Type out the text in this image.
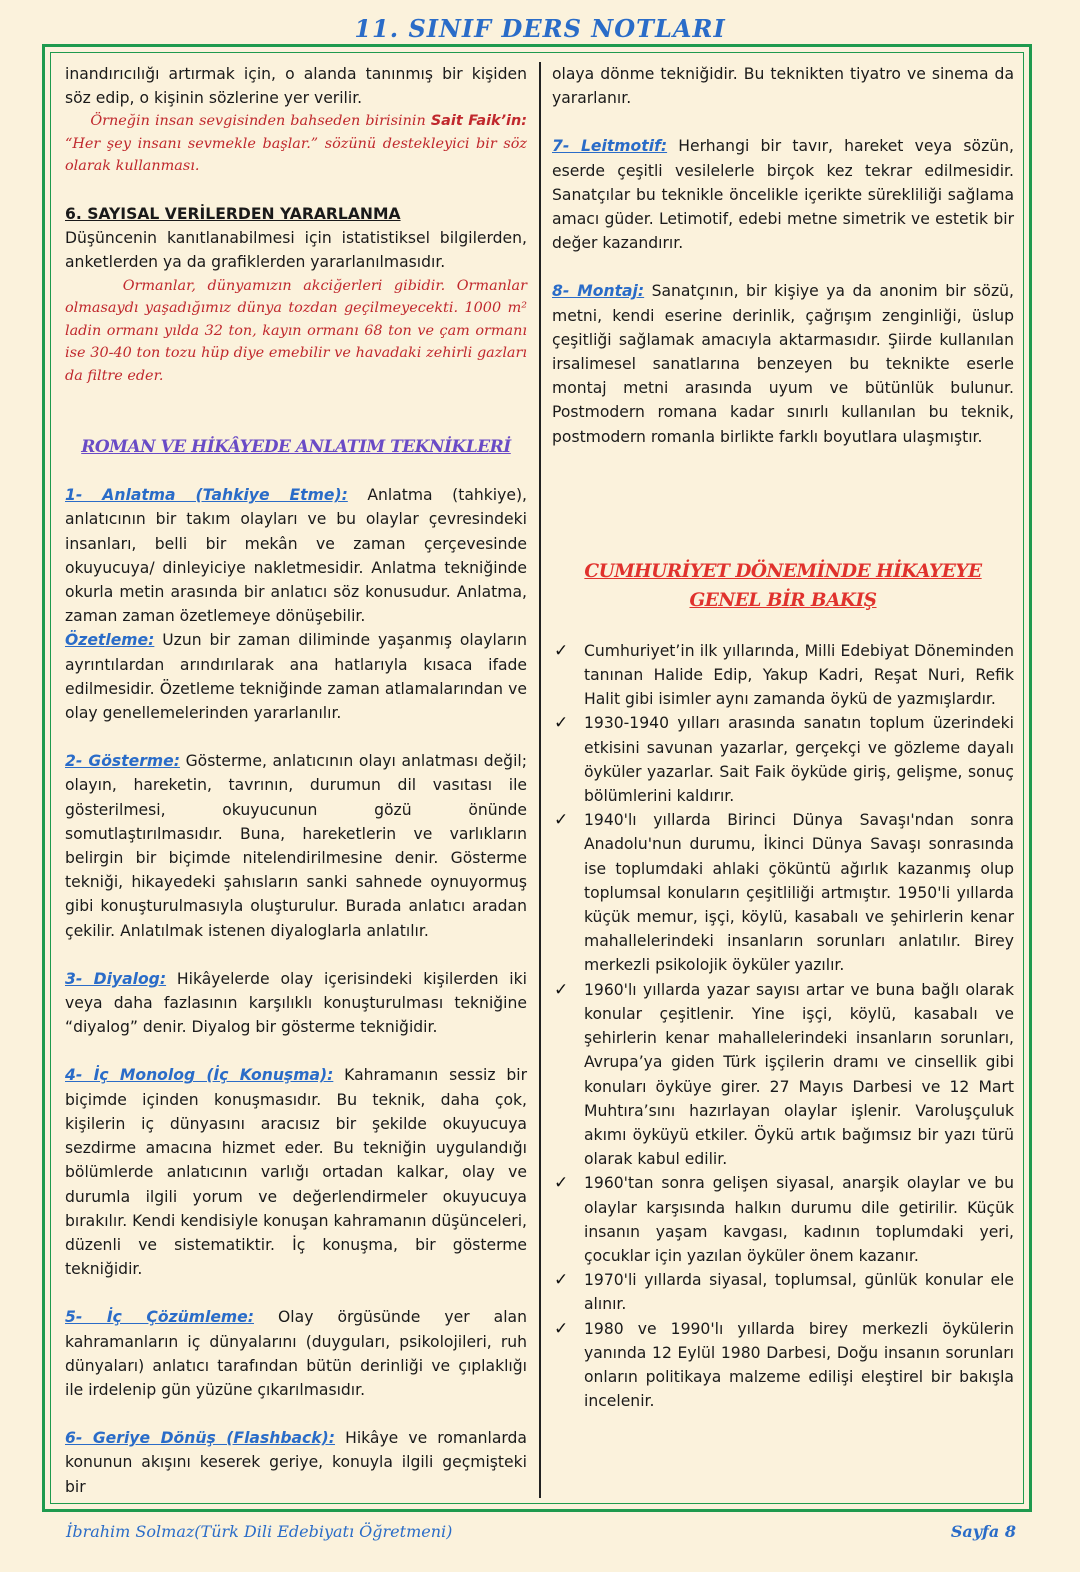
11. SINIF DERS NOTLARI

inandırıcılığı artırmak için, o alanda tanınmış bir kişiden söz edip, o kişinin sözlerine yer verilir.

Örneğin insan sevgisinden bahseden birisinin Sait Faik’in: “Her şey insanı sevmekle başlar.” sözünü destekleyici bir söz olarak kullanması.

6. SAYISAL VERİLERDEN YARARLANMA

Düşüncenin kanıtlanabilmesi için istatistiksel bilgilerden, anketlerden ya da grafiklerden yararlanılmasıdır.

Ormanlar, dünyamızın akciğerleri gibidir. Ormanlar olmasaydı yaşadığımız dünya tozdan geçilmeyecekti. 1000 m² ladin ormanı yılda 32 ton, kayın ormanı 68 ton ve çam ormanı ise 30-40 ton tozu hüp diye emebilir ve havadaki zehirli gazları da filtre eder.

ROMAN VE HİKÂYEDE ANLATIM TEKNİKLERİ

1- Anlatma (Tahkiye Etme): Anlatma (tahkiye), anlatıcının bir takım olayları ve bu olaylar çevresindeki insanları, belli bir mekân ve zaman çerçevesinde okuyucuya/ dinleyiciye nakletmesidir. Anlatma tekniğinde okurla metin arasında bir anlatıcı söz konusudur. Anlatma, zaman zaman özetlemeye dönüşebilir.

Özetleme: Uzun bir zaman diliminde yaşanmış olayların ayrıntılardan arındırılarak ana hatlarıyla kısaca ifade edilmesidir. Özetleme tekniğinde zaman atlamalarından ve olay genellemelerinden yararlanılır.

2- Gösterme: Gösterme, anlatıcının olayı anlatması değil; olayın, hareketin, tavrının, durumun dil vasıtası ile gösterilmesi, okuyucunun gözü önünde somutlaştırılmasıdır. Buna, hareketlerin ve varlıkların belirgin bir biçimde nitelendirilmesine denir. Gösterme tekniği, hikayedeki şahısların sanki sahnede oynuyormuş gibi konuşturulmasıyla oluşturulur. Burada anlatıcı aradan çekilir. Anlatılmak istenen diyaloglarla anlatılır.

3- Diyalog: Hikâyelerde olay içerisindeki kişilerden iki veya daha fazlasının karşılıklı konuşturulması tekniğine “diyalog” denir. Diyalog bir gösterme tekniğidir.

4- İç Monolog (İç Konuşma): Kahramanın sessiz bir biçimde içinden konuşmasıdır. Bu teknik, daha çok, kişilerin iç dünyasını aracısız bir şekilde okuyucuya sezdirme amacına hizmet eder. Bu tekniğin uygulandığı bölümlerde anlatıcının varlığı ortadan kalkar, olay ve durumla ilgili yorum ve değerlendirmeler okuyucuya bırakılır. Kendi kendisiyle konuşan kahramanın düşünceleri, düzenli ve sistematiktir. İç konuşma, bir gösterme tekniğidir.

5- İç Çözümleme: Olay örgüsünde yer alan kahramanların iç dünyalarını (duyguları, psikolojileri, ruh dünyaları) anlatıcı tarafından bütün derinliği ve çıplaklığı ile irdelenip gün yüzüne çıkarılmasıdır.

6- Geriye Dönüş (Flashback): Hikâye ve romanlarda konunun akışını keserek geriye, konuyla ilgili geçmişteki bir

olaya dönme tekniğidir. Bu teknikten tiyatro ve sinema da yararlanır.

7- Leitmotif: Herhangi bir tavır, hareket veya sözün, eserde çeşitli vesilelerle birçok kez tekrar edilmesidir. Sanatçılar bu teknikle öncelikle içerikte sürekliliği sağlama amacı güder. Letimotif, edebi metne simetrik ve estetik bir değer kazandırır.

8- Montaj: Sanatçının, bir kişiye ya da anonim bir sözü, metni, kendi eserine derinlik, çağrışım zenginliği, üslup çeşitliği sağlamak amacıyla aktarmasıdır. Şiirde kullanılan irsalimesel sanatlarına benzeyen bu teknikte eserle montaj metni arasında uyum ve bütünlük bulunur. Postmodern romana kadar sınırlı kullanılan bu teknik, postmodern romanla birlikte farklı boyutlara ulaşmıştır.

CUMHURİYET DÖNEMİNDE HİKAYEYE

GENEL BİR BAKIŞ

✓ Cumhuriyet’in ilk yıllarında, Milli Edebiyat Döneminden tanınan Halide Edip, Yakup Kadri, Reşat Nuri, Refik Halit gibi isimler aynı zamanda öykü de yazmışlardır.
✓ 1930-1940 yılları arasında sanatın toplum üzerindeki etkisini savunan yazarlar, gerçekçi ve gözleme dayalı öyküler yazarlar. Sait Faik öyküde giriş, gelişme, sonuç bölümlerini kaldırır.
✓ 1940'lı yıllarda Birinci Dünya Savaşı'ndan sonra Anadolu'nun durumu, İkinci Dünya Savaşı sonrasında ise toplumdaki ahlaki çöküntü ağırlık kazanmış olup toplumsal konuların çeşitliliği artmıştır. 1950'li yıllarda küçük memur, işçi, köylü, kasabalı ve şehirlerin kenar mahallelerindeki insanların sorunları anlatılır. Birey merkezli psikolojik öyküler yazılır.
✓ 1960'lı yıllarda yazar sayısı artar ve buna bağlı olarak konular çeşitlenir. Yine işçi, köylü, kasabalı ve şehirlerin kenar mahallelerindeki insanların sorunları, Avrupa’ya giden Türk işçilerin dramı ve cinsellik gibi konuları öyküye girer. 27 Mayıs Darbesi ve 12 Mart Muhtıra’sını hazırlayan olaylar işlenir. Varoluşçuluk akımı öyküyü etkiler. Öykü artık bağımsız bir yazı türü olarak kabul edilir.
✓ 1960'tan sonra gelişen siyasal, anarşik olaylar ve bu olaylar karşısında halkın durumu dile getirilir. Küçük insanın yaşam kavgası, kadının toplumdaki yeri, çocuklar için yazılan öyküler önem kazanır.
✓ 1970'li yıllarda siyasal, toplumsal, günlük konular ele alınır.
✓ 1980 ve 1990'lı yıllarda birey merkezli öykülerin yanında 12 Eylül 1980 Darbesi, Doğu insanın sorunları onların politikaya malzeme edilişi eleştirel bir bakışla incelenir.
İbrahim Solmaz(Türk Dili Edebiyatı Öğretmeni)	Sayfa 8
